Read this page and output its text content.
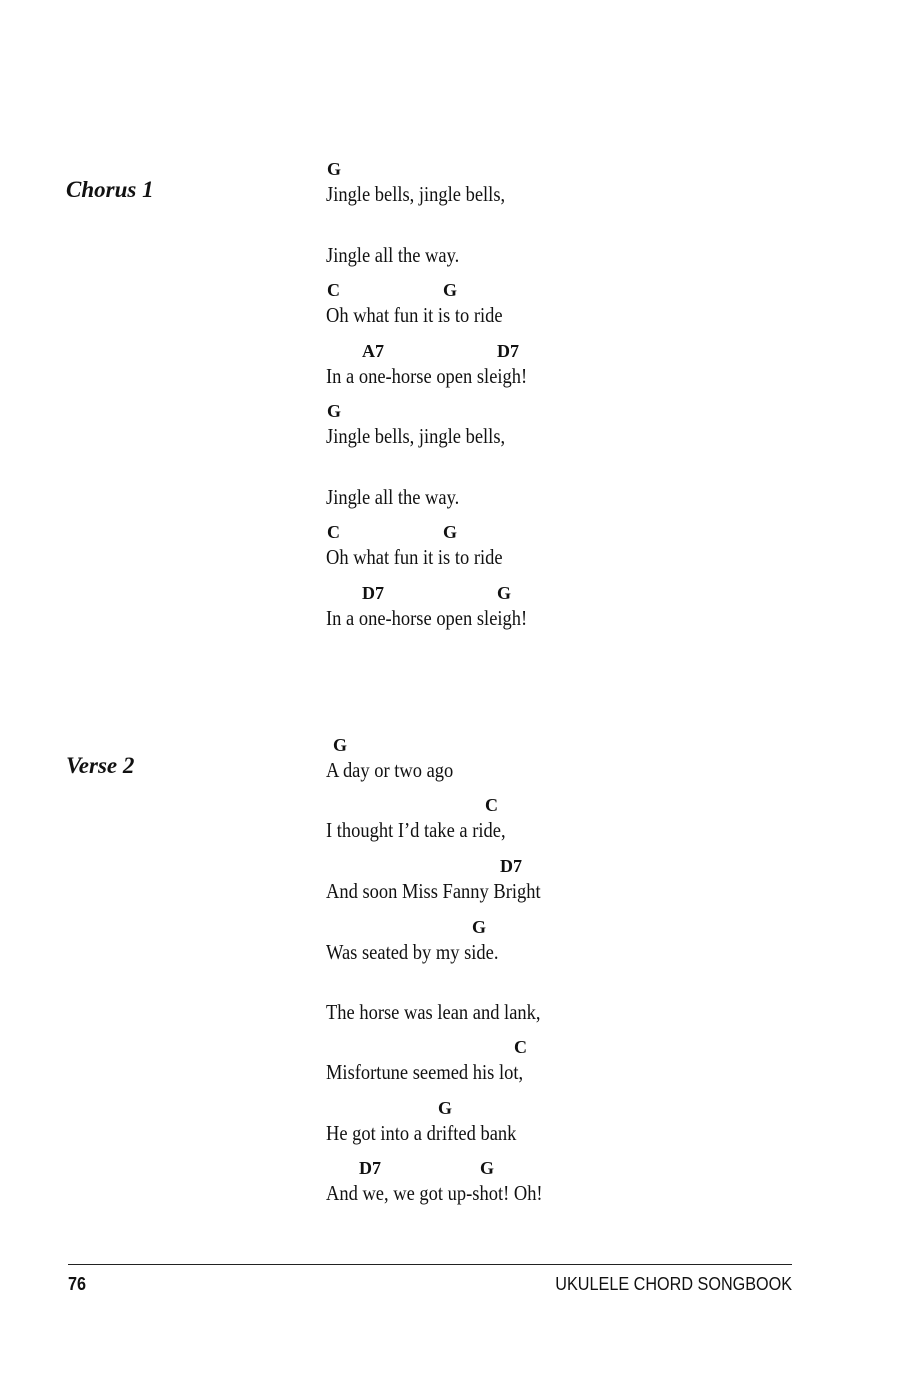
Chorus 1
G
Jingle bells, jingle bells,
Jingle all the way.
C	G
Oh what fun it is to ride
A7	D7
In a one-horse open sleigh!
G
Jingle bells, jingle bells,
Jingle all the way.
C	G
Oh what fun it is to ride
D7	G
In a one-horse open sleigh!
Verse 2
G
A day or two ago
C
I thought I’d take a ride,
D7
And soon Miss Fanny Bright
G
Was seated by my side.
The horse was lean and lank,
C
Misfortune seemed his lot,
G
He got into a drifted bank
D7	G
And we, we got up-shot! Oh!
76	UKULELE CHORD SONGBOOK
